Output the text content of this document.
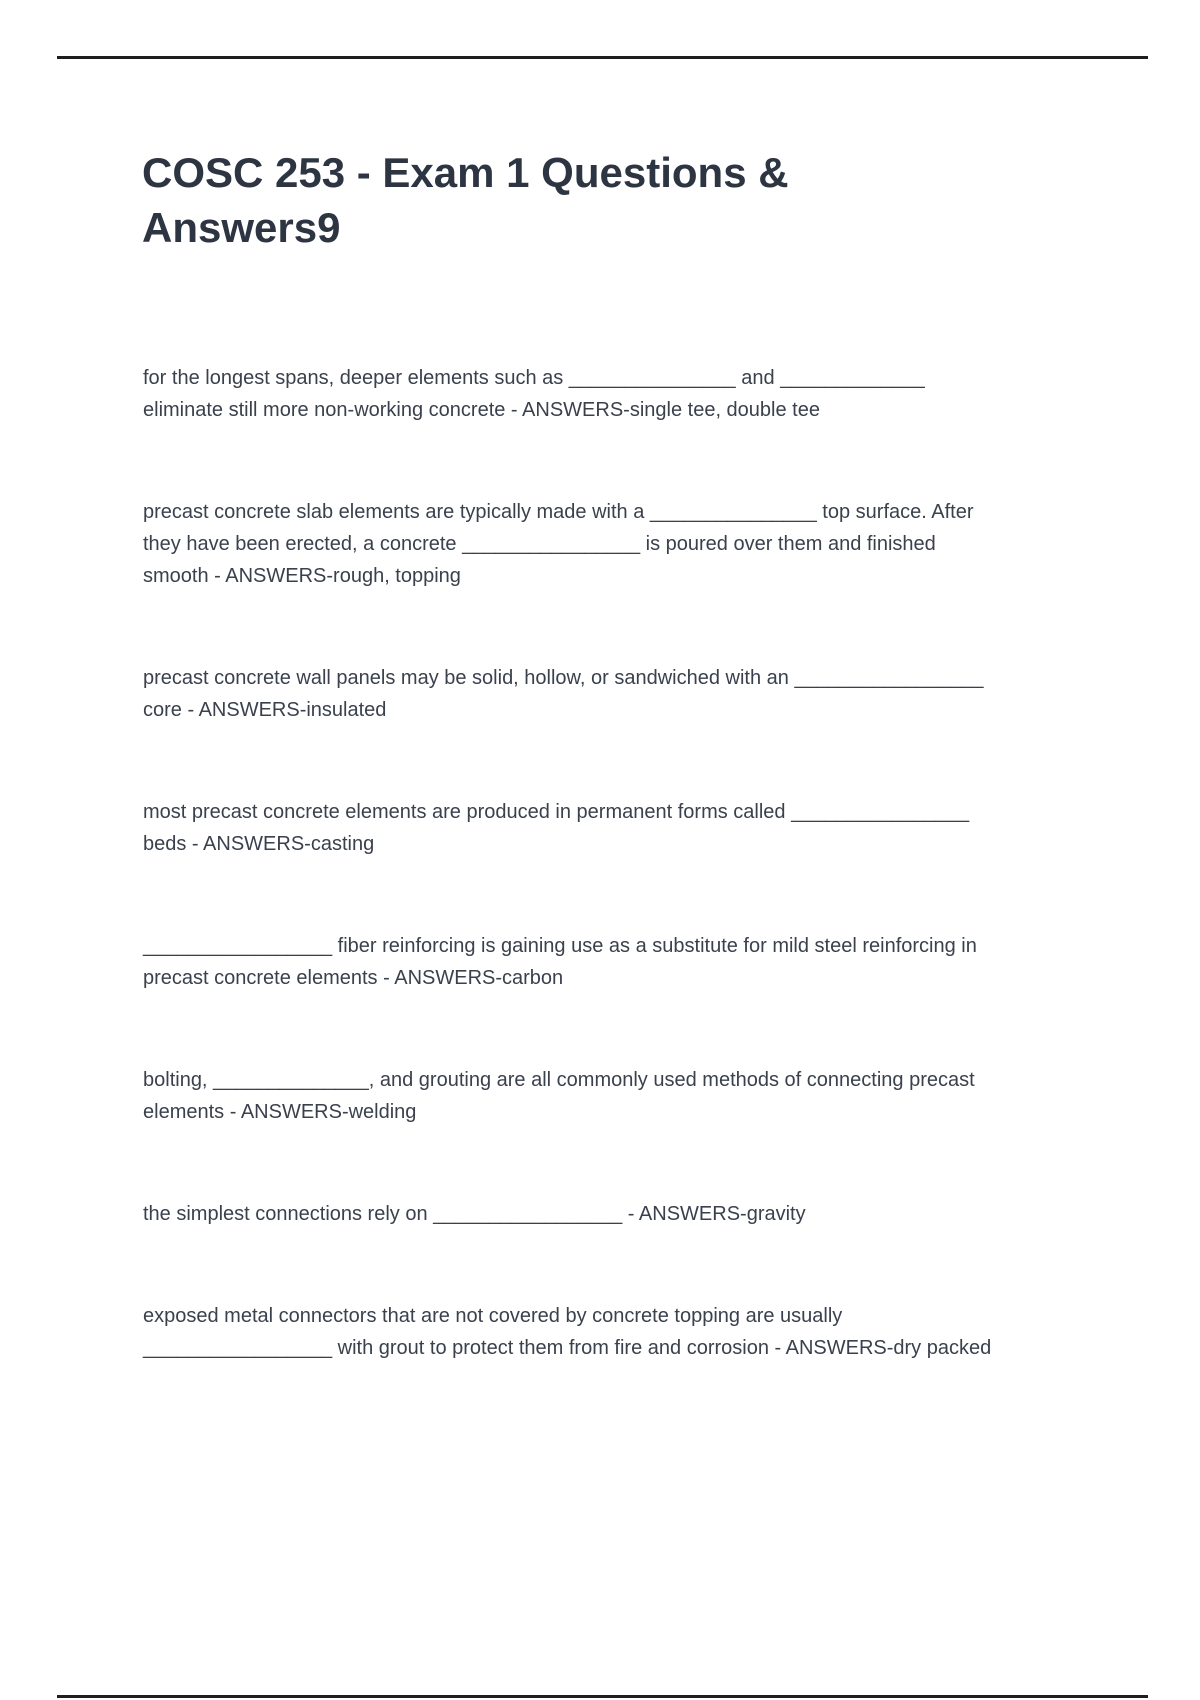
COSC 253 - Exam 1 Questions &
Answers9
for the longest spans, deeper elements such as _______________ and _____________
eliminate still more non-working concrete - ANSWERS-single tee, double tee
precast concrete slab elements are typically made with a _______________ top surface. After
they have been erected, a concrete ________________ is poured over them and finished
smooth - ANSWERS-rough, topping
precast concrete wall panels may be solid, hollow, or sandwiched with an _________________
core - ANSWERS-insulated
most precast concrete elements are produced in permanent forms called ________________
beds - ANSWERS-casting
_________________ fiber reinforcing is gaining use as a substitute for mild steel reinforcing in
precast concrete elements - ANSWERS-carbon
bolting, ______________, and grouting are all commonly used methods of connecting precast
elements - ANSWERS-welding
the simplest connections rely on _________________ - ANSWERS-gravity
exposed metal connectors that are not covered by concrete topping are usually
_________________ with grout to protect them from fire and corrosion - ANSWERS-dry packed
